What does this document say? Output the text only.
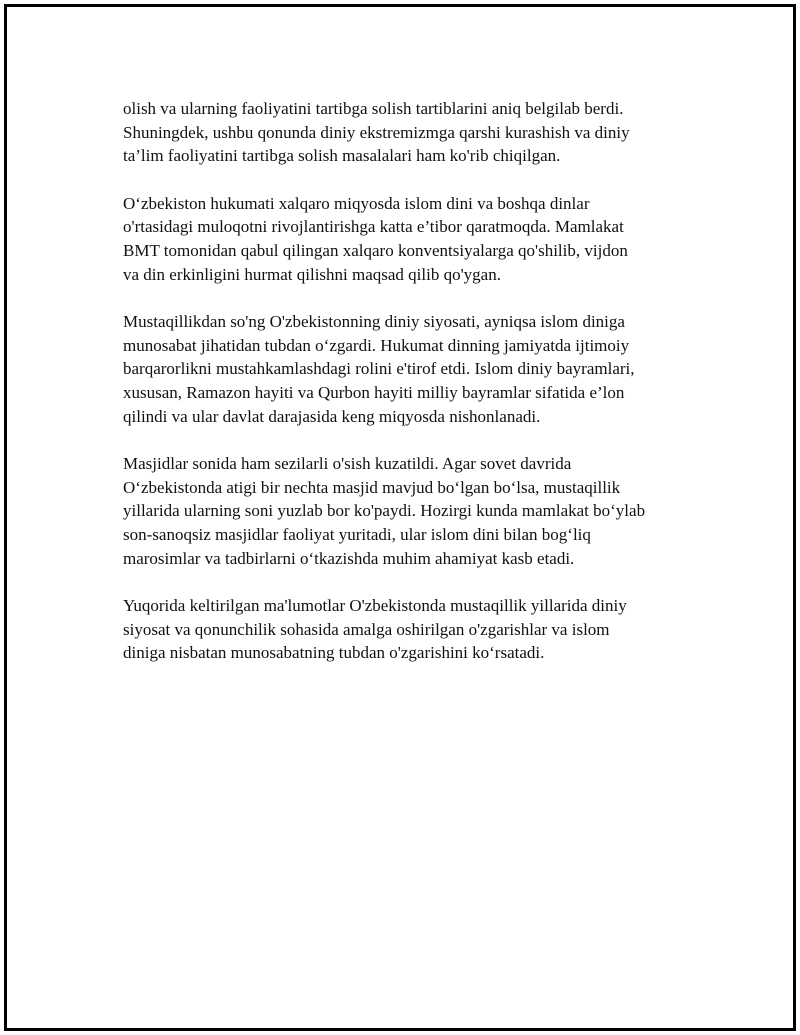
olish va ularning faoliyatini tartibga solish tartiblarini aniq belgilab berdi.
Shuningdek, ushbu qonunda diniy ekstremizmga qarshi kurashish va diniy
ta’lim faoliyatini tartibga solish masalalari ham ko'rib chiqilgan.

O‘zbekiston hukumati xalqaro miqyosda islom dini va boshqa dinlar
o'rtasidagi muloqotni rivojlantirishga katta e’tibor qaratmoqda. Mamlakat
BMT tomonidan qabul qilingan xalqaro konventsiyalarga qo'shilib, vijdon
va din erkinligini hurmat qilishni maqsad qilib qo'ygan.

Mustaqillikdan so'ng O'zbekistonning diniy siyosati, ayniqsa islom diniga
munosabat jihatidan tubdan o‘zgardi. Hukumat dinning jamiyatda ijtimoiy
barqarorlikni mustahkamlashdagi rolini e'tirof etdi. Islom diniy bayramlari,
xususan, Ramazon hayiti va Qurbon hayiti milliy bayramlar sifatida e’lon
qilindi va ular davlat darajasida keng miqyosda nishonlanadi.

Masjidlar sonida ham sezilarli o'sish kuzatildi. Agar sovet davrida
O‘zbekistonda atigi bir nechta masjid mavjud bo‘lgan bo‘lsa, mustaqillik
yillarida ularning soni yuzlab bor ko'paydi. Hozirgi kunda mamlakat bo‘ylab
son-sanoqsiz masjidlar faoliyat yuritadi, ular islom dini bilan bog‘liq
marosimlar va tadbirlarni o‘tkazishda muhim ahamiyat kasb etadi.

Yuqorida keltirilgan ma'lumotlar O'zbekistonda mustaqillik yillarida diniy
siyosat va qonunchilik sohasida amalga oshirilgan o'zgarishlar va islom
diniga nisbatan munosabatning tubdan o'zgarishini ko‘rsatadi.
